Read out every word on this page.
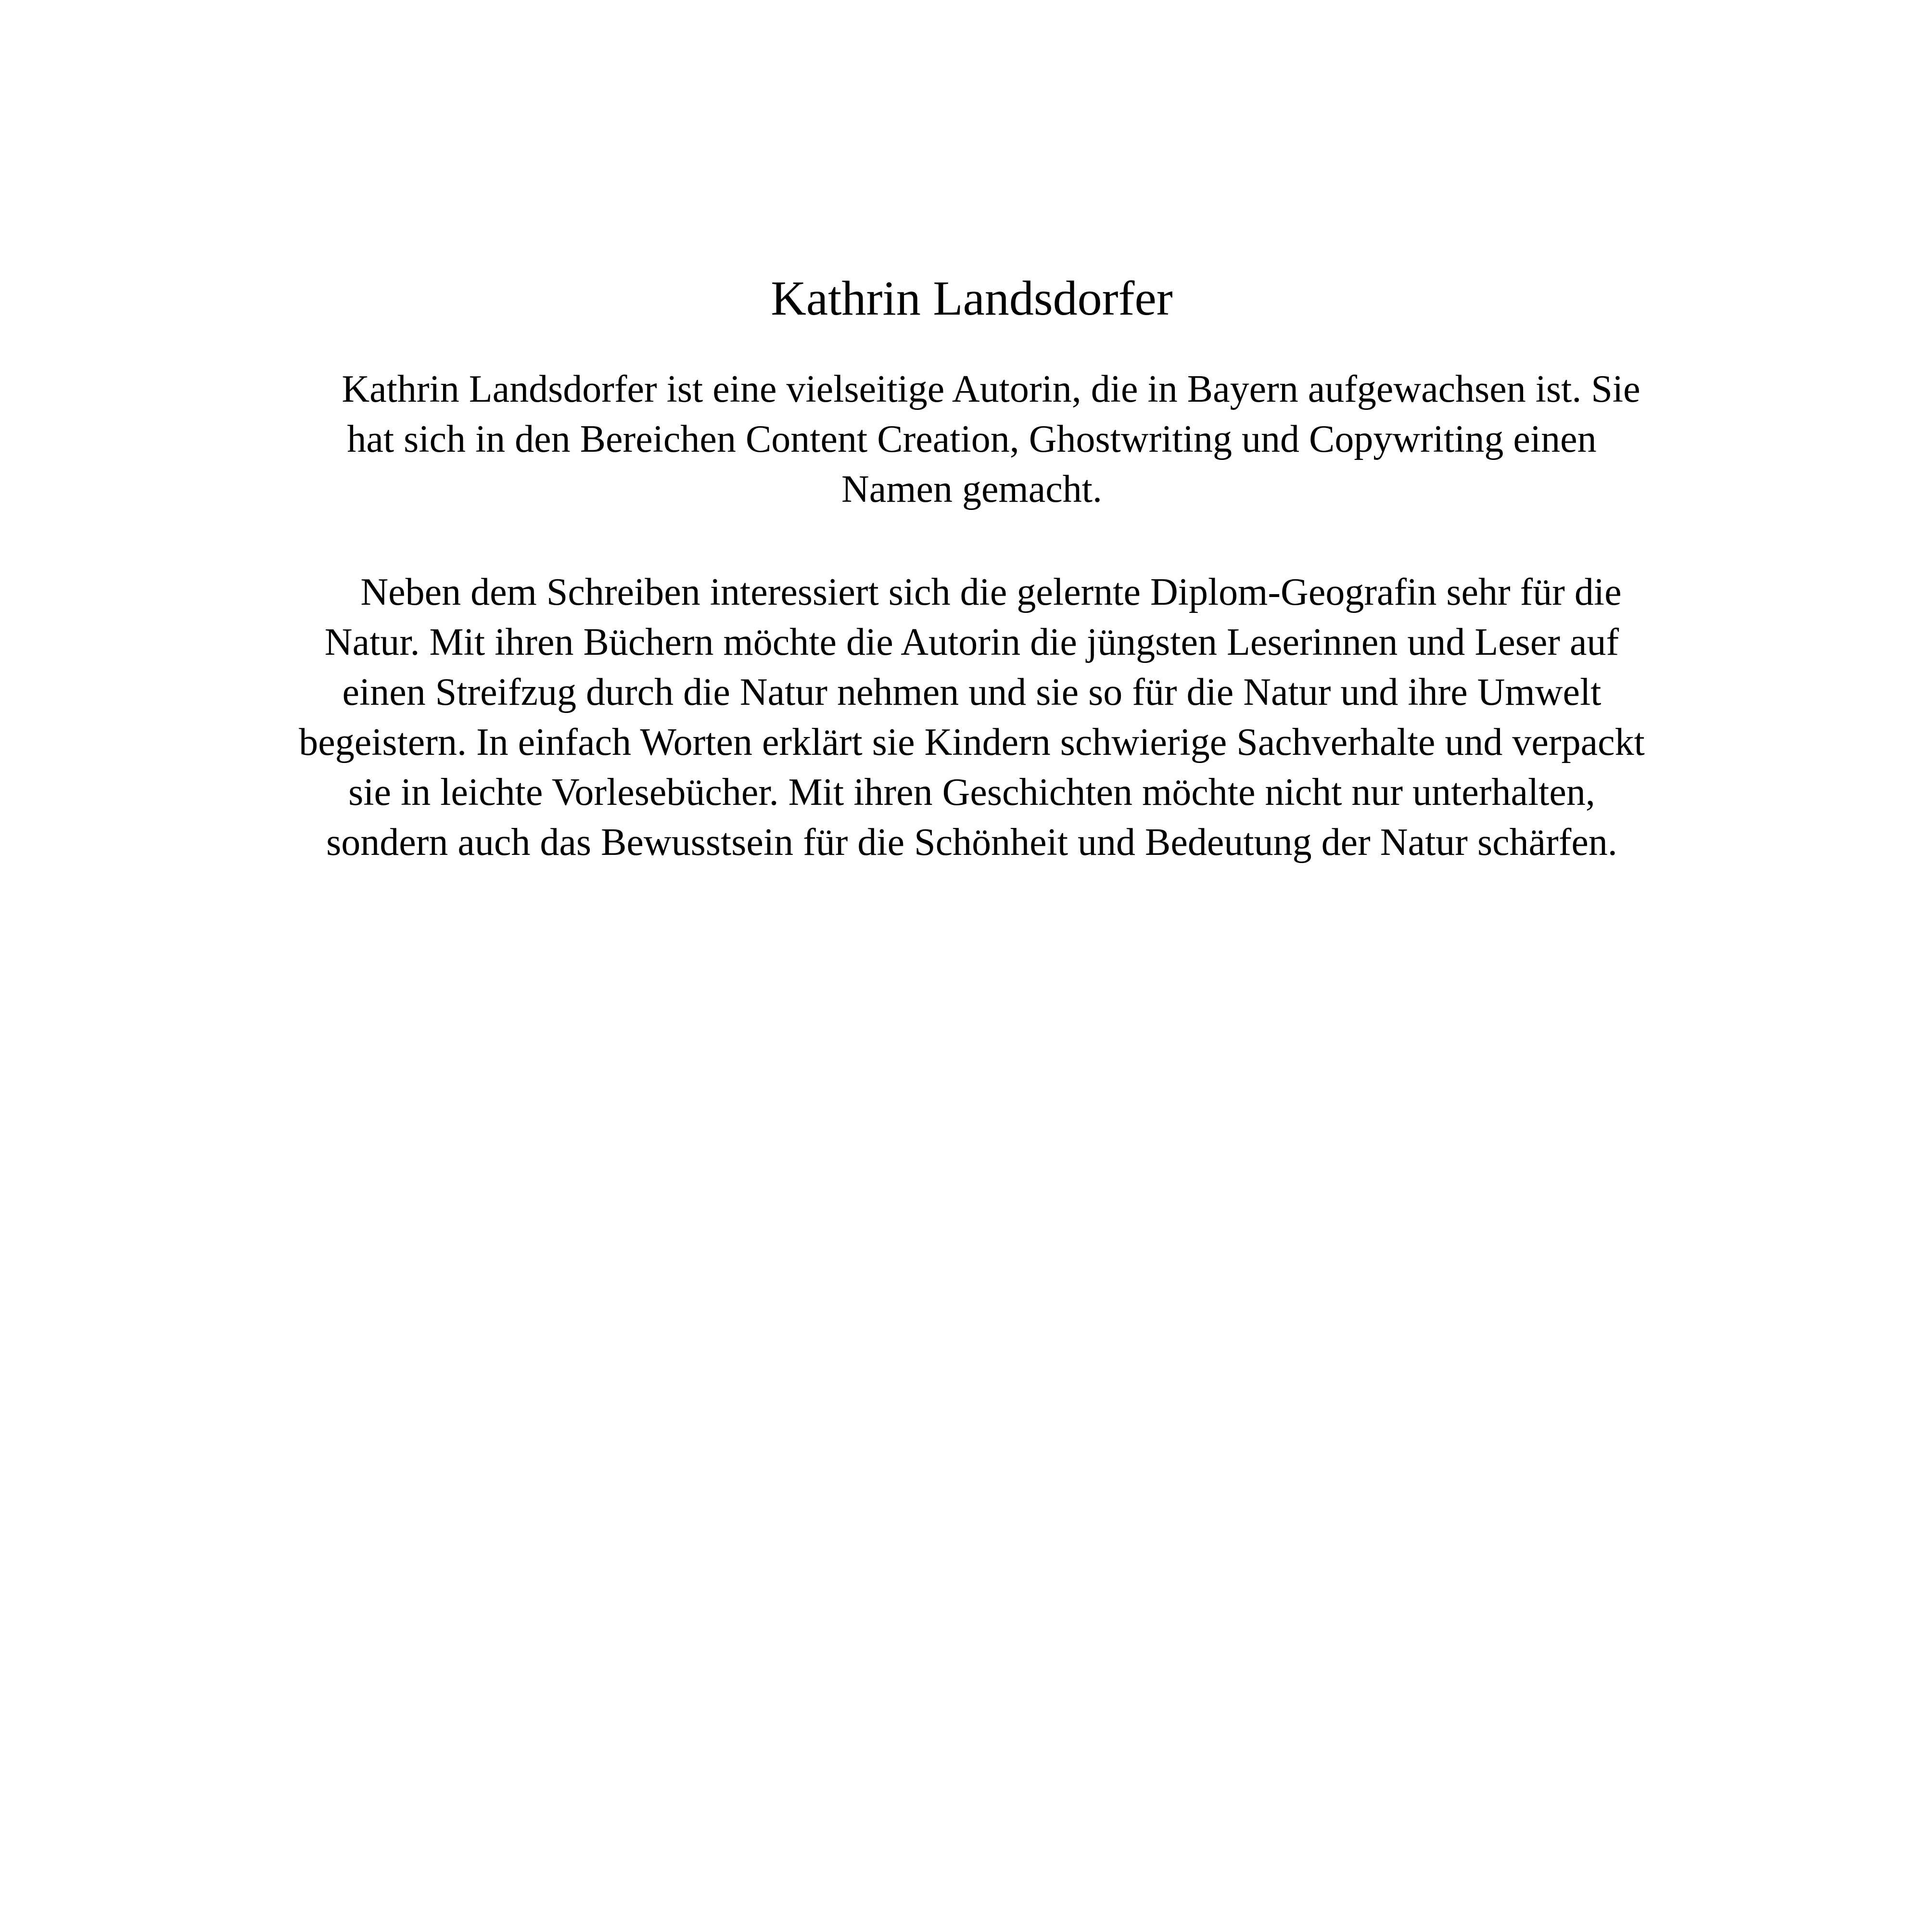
Kathrin Landsdorfer

Kathrin Landsdorfer ist eine vielseitige Autorin, die in Bayern aufgewachsen ist. Sie hat sich in den Bereichen Content Creation, Ghostwriting und Copywriting einen Namen gemacht.

Neben dem Schreiben interessiert sich die gelernte Diplom-Geografin sehr für die Natur. Mit ihren Büchern möchte die Autorin die jüngsten Leserinnen und Leser auf einen Streifzug durch die Natur nehmen und sie so für die Natur und ihre Umwelt begeistern. In einfach Worten erklärt sie Kindern schwierige Sachverhalte und verpackt sie in leichte Vorlesebücher. Mit ihren Geschichten möchte nicht nur unterhalten, sondern auch das Bewusstsein für die Schönheit und Bedeutung der Natur schärfen.
